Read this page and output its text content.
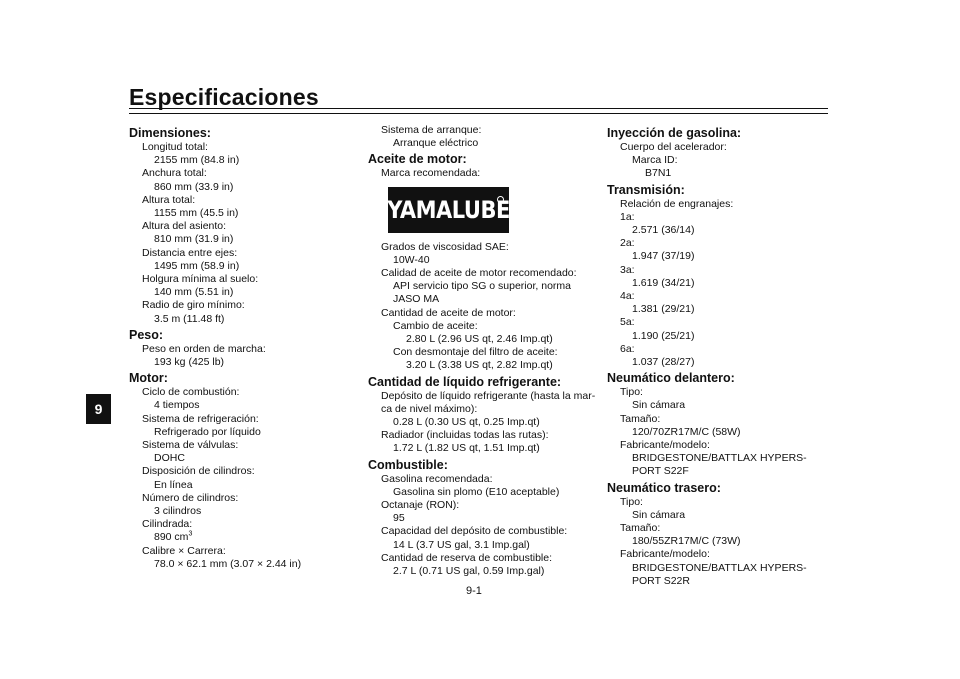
Especificaciones
9
Dimensiones:
Longitud total:
2155 mm (84.8 in)
Anchura total:
860 mm (33.9 in)
Altura total:
1155 mm (45.5 in)
Altura del asiento:
810 mm (31.9 in)
Distancia entre ejes:
1495 mm (58.9 in)
Holgura mínima al suelo:
140 mm (5.51 in)
Radio de giro mínimo:
3.5 m (11.48 ft)
Peso:
Peso en orden de marcha:
193 kg (425 lb)
Motor:
Ciclo de combustión:
4 tiempos
Sistema de refrigeración:
Refrigerado por líquido
Sistema de válvulas:
DOHC
Disposición de cilindros:
En línea
Número de cilindros:
3 cilindros
Cilindrada:
890 $cm^3$
Calibre × Carrera:
78.0 × 62.1 mm (3.07 × 2.44 in)
Sistema de arranque:
Arranque eléctrico
Aceite de motor:
Marca recomendada:
YAMALUBE
Grados de viscosidad SAE:
10W-40
Calidad de aceite de motor recomendado:
API servicio tipo SG o superior, norma
JASO MA
Cantidad de aceite de motor:
Cambio de aceite:
2.80 L (2.96 US qt, 2.46 Imp.qt)
Con desmontaje del filtro de aceite:
3.20 L (3.38 US qt, 2.82 Imp.qt)
Cantidad de líquido refrigerante:
Depósito de líquido refrigerante (hasta la mar-
ca de nivel máximo):
0.28 L (0.30 US qt, 0.25 Imp.qt)
Radiador (incluidas todas las rutas):
1.72 L (1.82 US qt, 1.51 Imp.qt)
Combustible:
Gasolina recomendada:
Gasolina sin plomo (E10 aceptable)
Octanaje (RON):
95
Capacidad del depósito de combustible:
14 L (3.7 US gal, 3.1 Imp.gal)
Cantidad de reserva de combustible:
2.7 L (0.71 US gal, 0.59 Imp.gal)
Inyección de gasolina:
Cuerpo del acelerador:
Marca ID:
B7N1
Transmisión:
Relación de engranajes:
1a:
2.571 (36/14)
2a:
1.947 (37/19)
3a:
1.619 (34/21)
4a:
1.381 (29/21)
5a:
1.190 (25/21)
6a:
1.037 (28/27)
Neumático delantero:
Tipo:
Sin cámara
Tamaño:
120/70ZR17M/C (58W)
Fabricante/modelo:
BRIDGESTONE/BATTLAX HYPERS-
PORT S22F
Neumático trasero:
Tipo:
Sin cámara
Tamaño:
180/55ZR17M/C (73W)
Fabricante/modelo:
BRIDGESTONE/BATTLAX HYPERS-
PORT S22R
9-1
